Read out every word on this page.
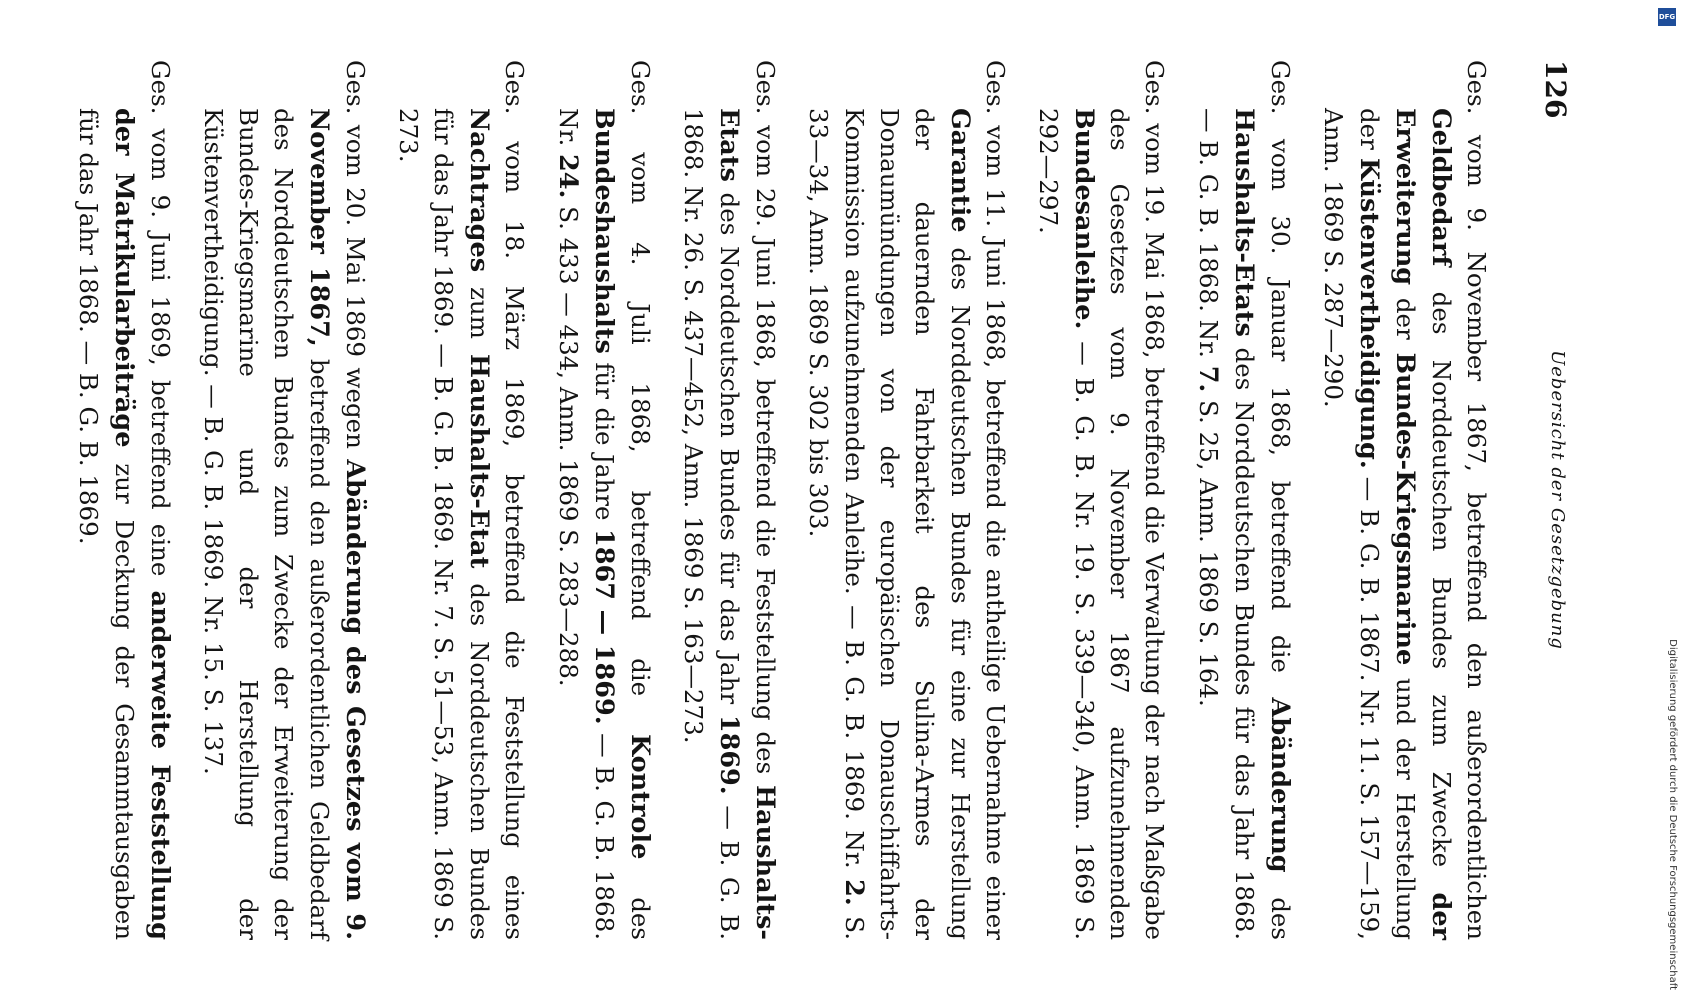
126
Uebersicht der Gesetzgebung

Ges. vom 9. November 1867, betreffend den außerordentlichen Geldbedarf des Norddeutschen Bundes zum Zwecke der Erweiterung der Bundes-Kriegsmarine und der Herstellung der Küstenvertheidigung. — B. G. B. 1867. Nr. 11. S. 157—159, Anm. 1869 S. 287—290.

Ges. vom 30. Januar 1868, betreffend die Abänderung des Haushalts-Etats des Norddeutschen Bundes für das Jahr 1868. — B. G. B. 1868. Nr. 7. S. 25, Anm. 1869 S. 164.

Ges. vom 19. Mai 1868, betreffend die Verwaltung der nach Maßgabe des Gesetzes vom 9. November 1867 aufzunehmenden Bundesanleihe. — B. G. B. Nr. 19. S. 339—340, Anm. 1869 S. 292—297.

Ges. vom 11. Juni 1868, betreffend die antheilige Uebernahme einer Garantie des Norddeutschen Bundes für eine zur Herstellung der dauernden Fahrbarkeit des Sulina-Armes der Donaumündungen von der europäischen Donauschiffahrts-Kommission aufzunehmenden Anleihe. — B. G. B. 1869. Nr. 2. S. 33—34, Anm. 1869 S. 302 bis 303.

Ges. vom 29. Juni 1868, betreffend die Feststellung des Haushalts-Etats des Norddeutschen Bundes für das Jahr 1869. — B. G. B. 1868. Nr. 26. S. 437—452, Anm. 1869 S. 163—273.

Ges. vom 4. Juli 1868, betreffend die Kontrole des Bundeshaushalts für die Jahre 1867 — 1869. — B. G. B. 1868. Nr. 24. S. 433 — 434, Anm. 1869 S. 283—288.

Ges. vom 18. März 1869, betreffend die Feststellung eines Nachtrages zum Haushalts-Etat des Norddeutschen Bundes für das Jahr 1869. — B. G. B. 1869. Nr. 7. S. 51—53, Anm. 1869 S. 273.

Ges. vom 20. Mai 1869 wegen Abänderung des Gesetzes vom 9. November 1867, betreffend den außerordentlichen Geldbedarf des Norddeutschen Bundes zum Zwecke der Erweiterung der Bundes-Kriegsmarine und der Herstellung der Küstenvertheidigung. — B. G. B. 1869. Nr. 15. S. 137.

Ges. vom 9. Juni 1869, betreffend eine anderweite Feststellung der Matrikularbeiträge zur Deckung der Gesammtausgaben für das Jahr 1868. — B. G. B. 1869.

Digitalisierung gefördert durch die Deutsche Forschungsgemeinschaft
DFG
